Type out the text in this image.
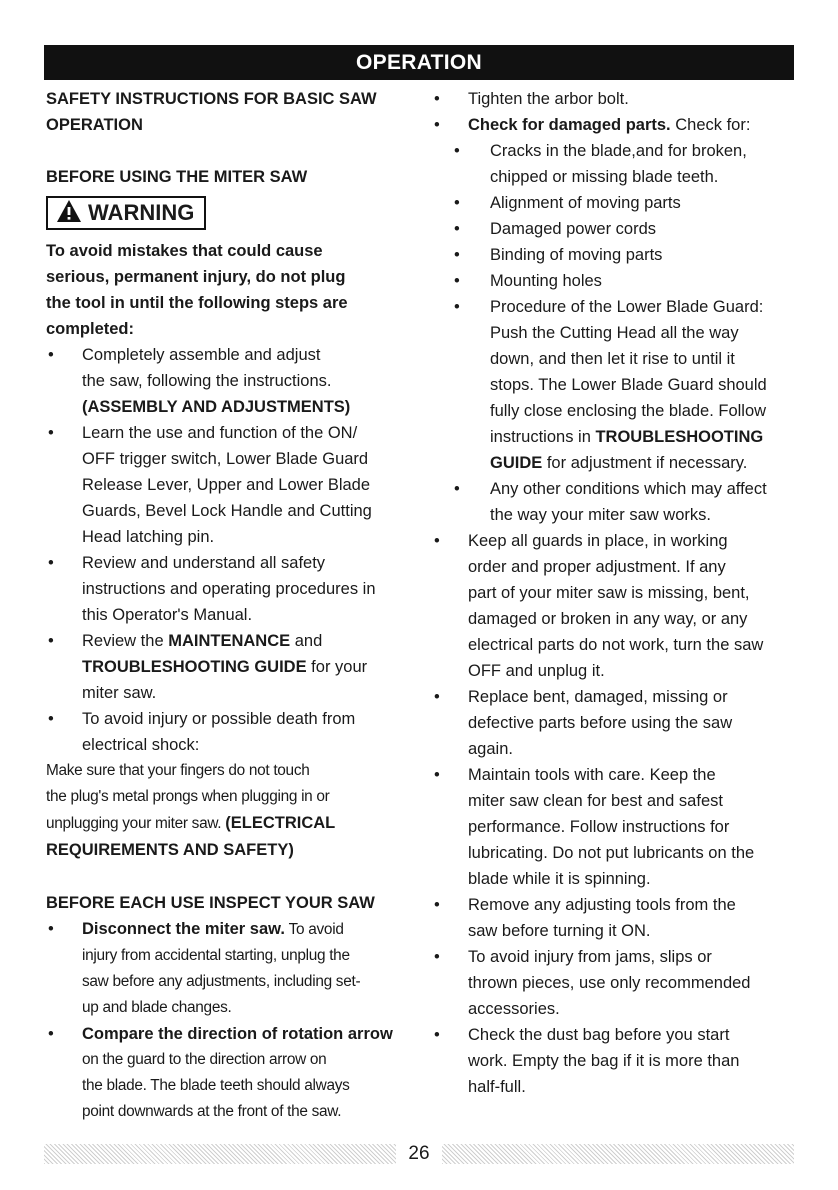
OPERATION
SAFETY INSTRUCTIONS FOR BASIC SAW
OPERATION
BEFORE USING THE MITER SAW
WARNING
To avoid mistakes that could cause
serious, permanent injury, do not plug
the tool in until the following steps are
completed:
• Completely assemble and adjust
the saw, following the instructions.
(ASSEMBLY AND ADJUSTMENTS)
• Learn the use and function of the ON/
OFF trigger switch, Lower Blade Guard
Release Lever, Upper and Lower Blade
Guards, Bevel Lock Handle and Cutting
Head latching pin.
• Review and understand all safety
instructions and operating procedures in
this Operator's Manual.
• Review the MAINTENANCE and
TROUBLESHOOTING GUIDE for your
miter saw.
• To avoid injury or possible death from
electrical shock:
Make sure that your fingers do not touch
the plug's metal prongs when plugging in or
unplugging your miter saw. (ELECTRICAL
REQUIREMENTS AND SAFETY)
BEFORE EACH USE INSPECT YOUR SAW
• Disconnect the miter saw. To avoid
injury from accidental starting, unplug the
saw before any adjustments, including set-
up and blade changes.
• Compare the direction of rotation arrow
on the guard to the direction arrow on
the blade. The blade teeth should always
point downwards at the front of the saw.
• Tighten the arbor bolt.
• Check for damaged parts. Check for:
• Cracks in the blade,and for broken,
chipped or missing blade teeth.
• Alignment of moving parts
• Damaged power cords
• Binding of moving parts
• Mounting holes
• Procedure of the Lower Blade Guard:
Push the Cutting Head all the way
down, and then let it rise to until it
stops. The Lower Blade Guard should
fully close enclosing the blade. Follow
instructions in TROUBLESHOOTING
GUIDE for adjustment if necessary.
• Any other conditions which may affect
the way your miter saw works.
• Keep all guards in place, in working
order and proper adjustment. If any
part of your miter saw is missing, bent,
damaged or broken in any way, or any
electrical parts do not work, turn the saw
OFF and unplug it.
• Replace bent, damaged, missing or
defective parts before using the saw
again.
• Maintain tools with care. Keep the
miter saw clean for best and safest
performance. Follow instructions for
lubricating. Do not put lubricants on the
blade while it is spinning.
• Remove any adjusting tools from the
saw before turning it ON.
• To avoid injury from jams, slips or
thrown pieces, use only recommended
accessories.
• Check the dust bag before you start
work. Empty the bag if it is more than
half-full.
26
